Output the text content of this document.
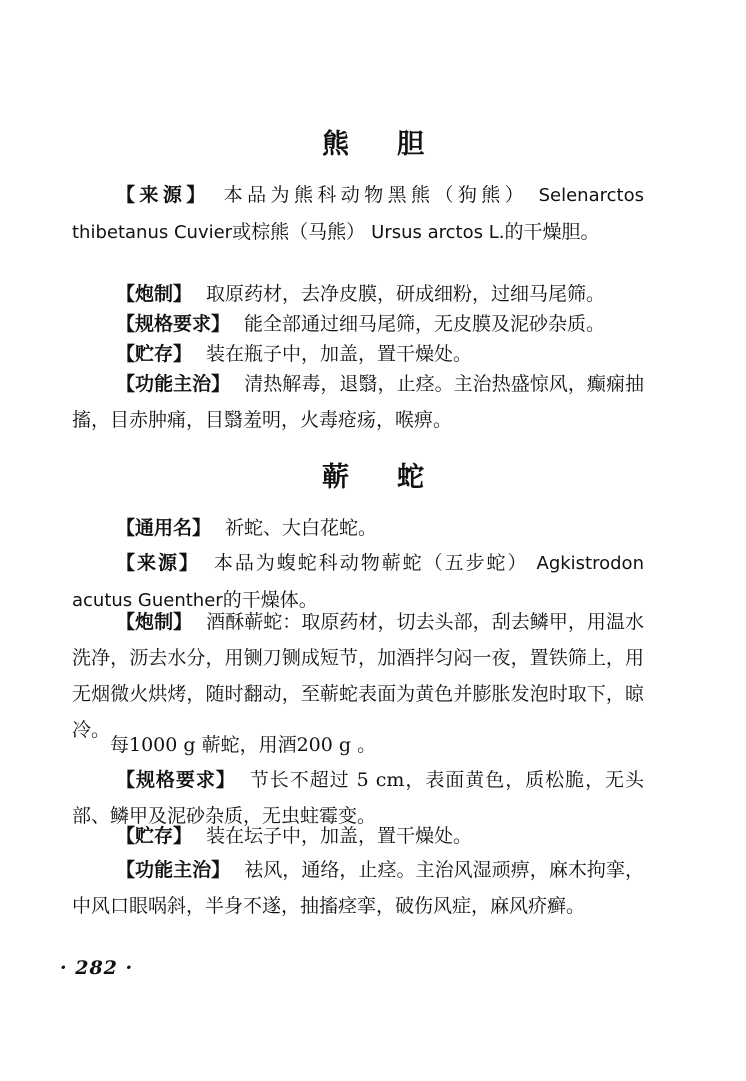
熊胆
【来源】 本品为熊科动物黑熊（狗熊） Selenarctos thibetanus Cuvier或棕熊（马熊） Ursus arctos L.的干燥胆。
【炮制】 取原药材，去净皮膜，研成细粉，过细马尾筛。
【规格要求】 能全部通过细马尾筛，无皮膜及泥砂杂质。
【贮存】 装在瓶子中，加盖，置干燥处。
【功能主治】 清热解毒，退翳，止痉。主治热盛惊风，癫痫抽搐，目赤肿痛，目翳羞明，火毒疮疡，喉痹。
蕲蛇
【通用名】 祈蛇、大白花蛇。
【来源】 本品为蝮蛇科动物蕲蛇（五步蛇） Agkistrodon acutus Guenther的干燥体。
【炮制】 酒酥蕲蛇：取原药材，切去头部，刮去鳞甲，用温水洗净，沥去水分，用铡刀铡成短节，加酒拌匀闷一夜，置铁筛上，用无烟微火烘烤，随时翻动，至蕲蛇表面为黄色并膨胀发泡时取下，晾冷。
每1000 g 蕲蛇，用酒200 g 。
【规格要求】 节长不超过 5 cm，表面黄色，质松脆，无头部、鳞甲及泥砂杂质，无虫蛀霉变。
【贮存】 装在坛子中，加盖，置干燥处。
【功能主治】 祛风，通络，止痉。主治风湿顽痹，麻木拘挛，中风口眼㖞斜，半身不遂，抽搐痉挛，破伤风症，麻风疥癣。
· 282 ·
